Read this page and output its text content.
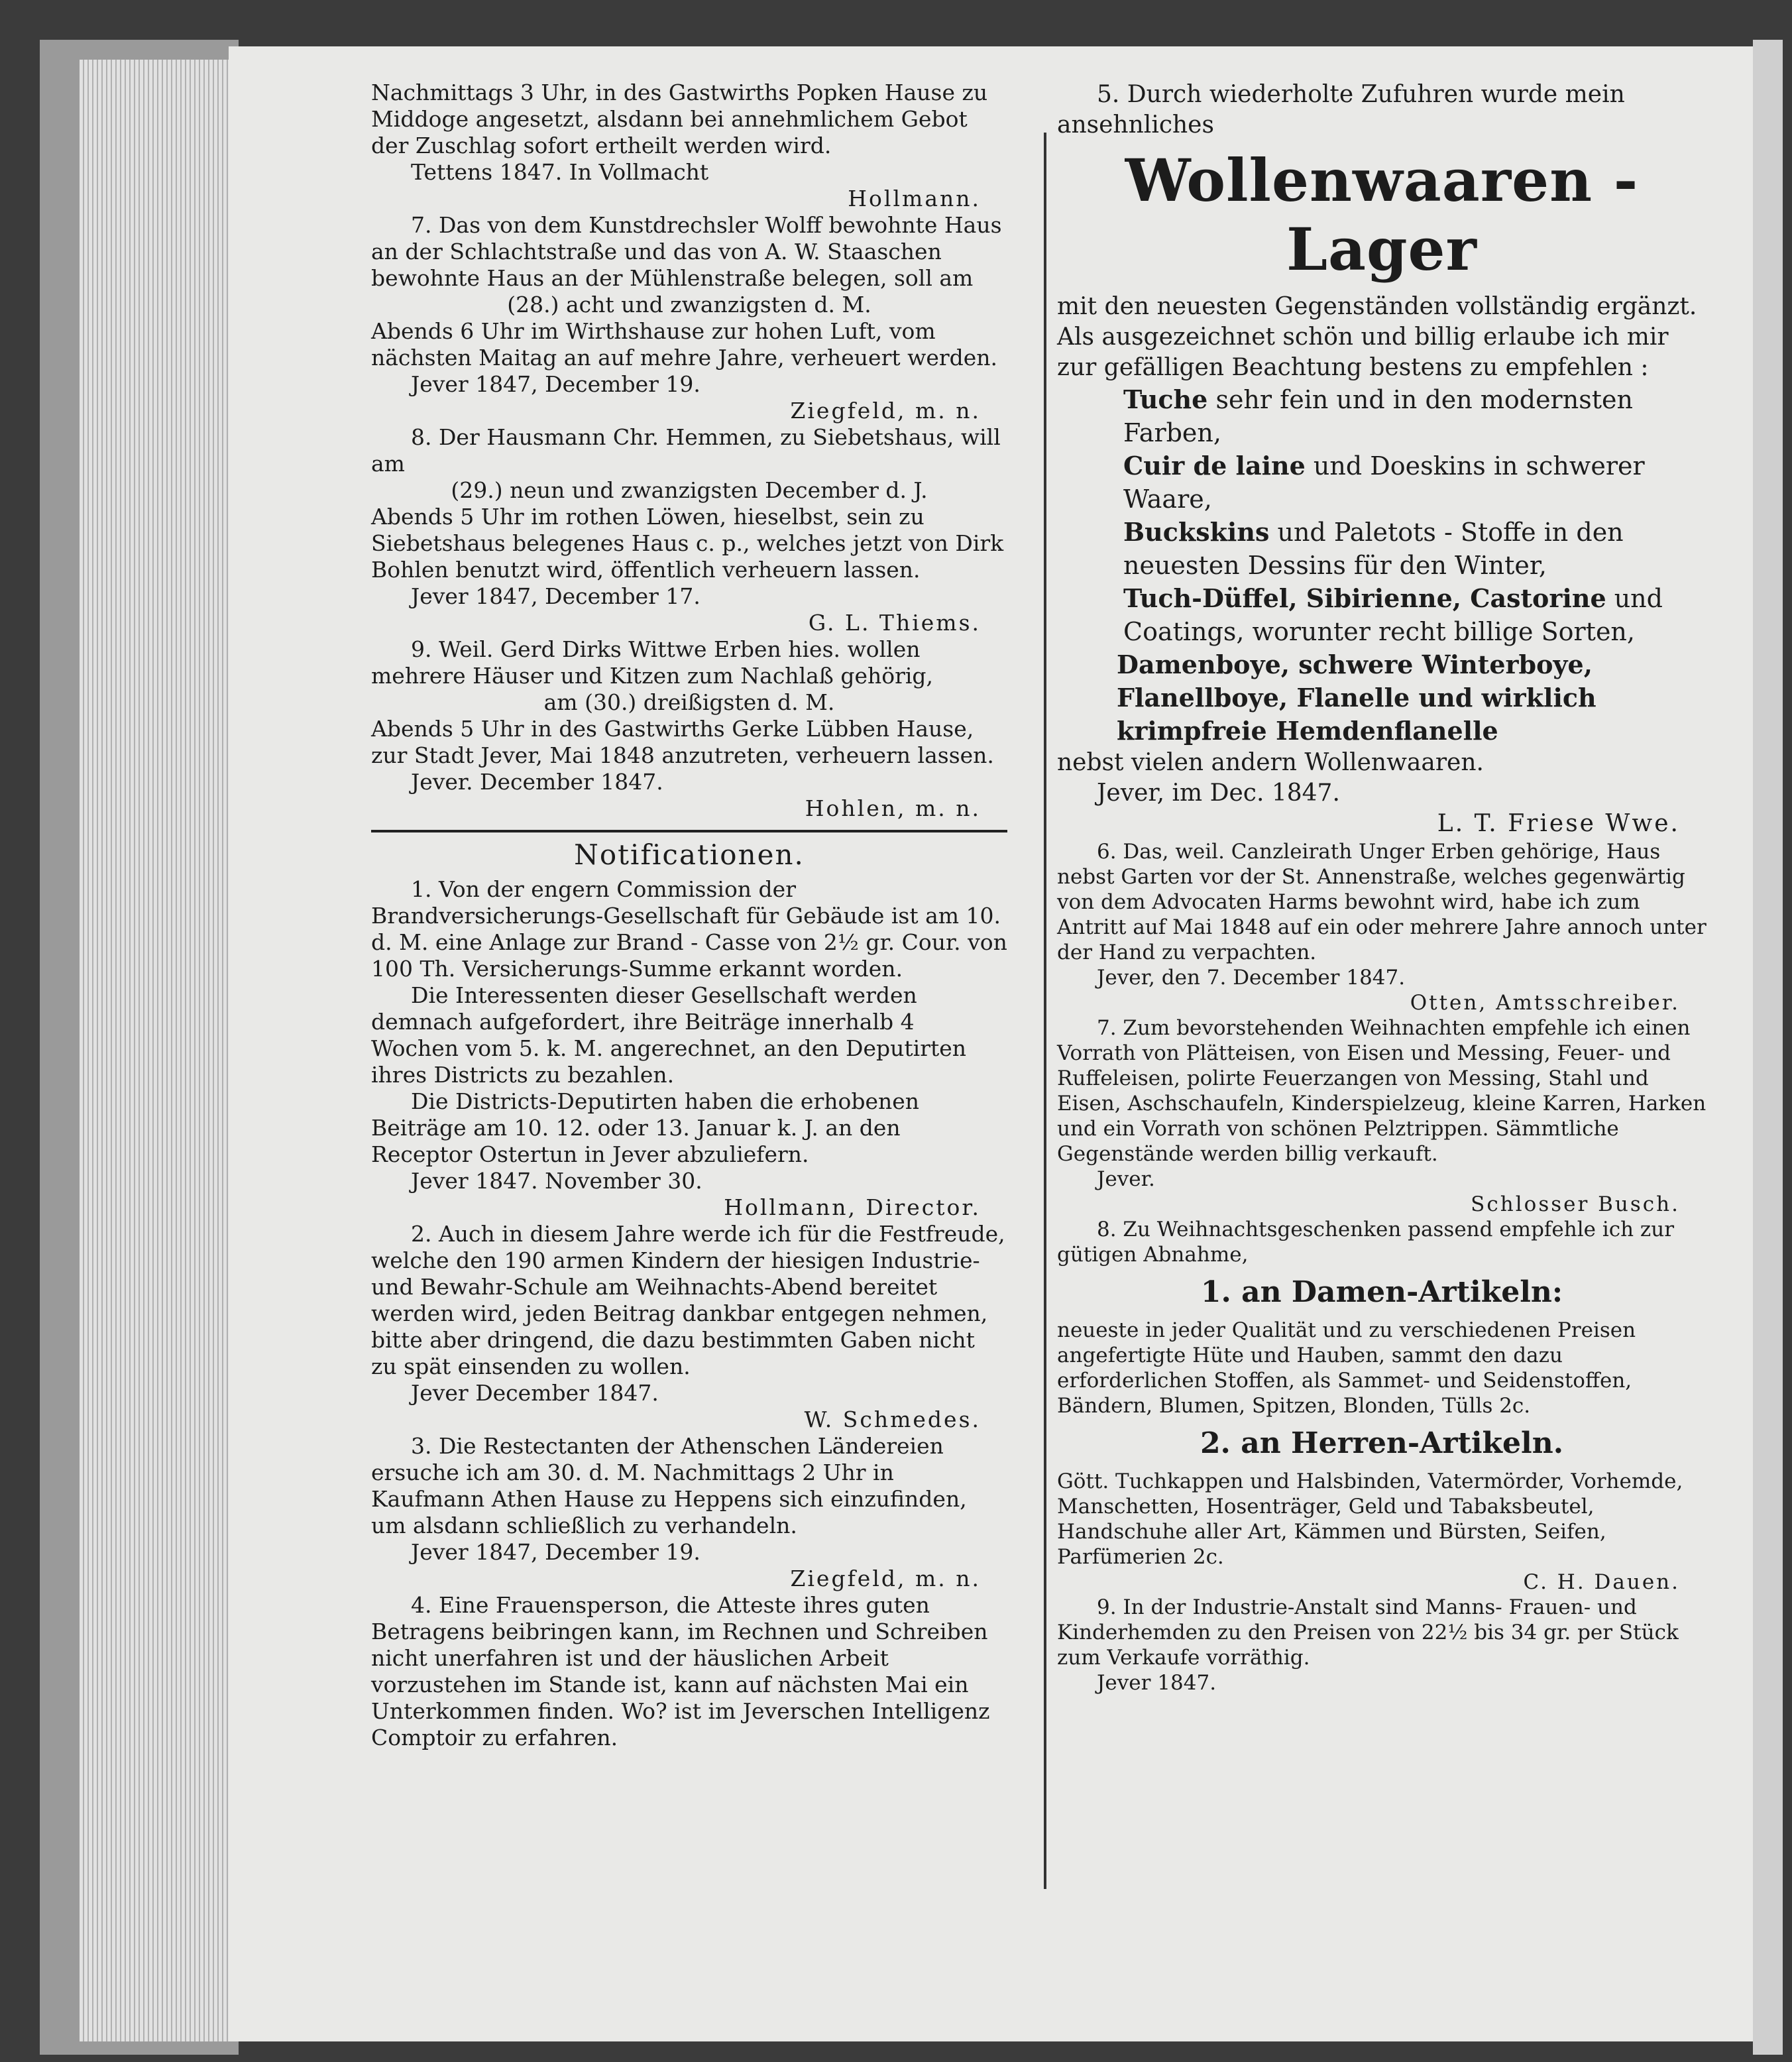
Nachmittags 3 Uhr, in des Gastwirths Popken Hause zu Middoge angesetzt, alsdann bei annehmlichem Gebot der Zuschlag sofort ertheilt werden wird.

Tettens 1847. In Vollmacht

Hollmann.

7. Das von dem Kunstdrechsler Wolff bewohnte Haus an der Schlachtstraße und das von A. W. Staaschen bewohnte Haus an der Mühlenstraße belegen, soll am

(28.) acht und zwanzigsten d. M.

Abends 6 Uhr im Wirthshause zur hohen Luft, vom nächsten Maitag an auf mehre Jahre, verheuert werden.

Jever 1847, December 19.

Ziegfeld, m. n.

8. Der Hausmann Chr. Hemmen, zu Siebetshaus, will am

(29.) neun und zwanzigsten December d. J.

Abends 5 Uhr im rothen Löwen, hieselbst, sein zu Siebetshaus belegenes Haus c. p., welches jetzt von Dirk Bohlen benutzt wird, öffentlich verheuern lassen.

Jever 1847, December 17.

G. L. Thiems.

9. Weil. Gerd Dirks Wittwe Erben hies. wollen mehrere Häuser und Kitzen zum Nachlaß gehörig,

am (30.) dreißigsten d. M.

Abends 5 Uhr in des Gastwirths Gerke Lübben Hause, zur Stadt Jever, Mai 1848 anzutreten, verheuern lassen.

Jever. December 1847.

Hohlen, m. n.

Notificationen.

1. Von der engern Commission der Brandversicherungs-Gesellschaft für Gebäude ist am 10. d. M. eine Anlage zur Brand - Casse von 2½ gr. Cour. von 100 Th. Versicherungs-Summe erkannt worden.

Die Interessenten dieser Gesellschaft werden demnach aufgefordert, ihre Beiträge innerhalb 4 Wochen vom 5. k. M. angerechnet, an den Deputirten ihres Districts zu bezahlen.

Die Districts-Deputirten haben die erhobenen Beiträge am 10. 12. oder 13. Januar k. J. an den Receptor Ostertun in Jever abzuliefern.

Jever 1847. November 30.

Hollmann, Director.

2. Auch in diesem Jahre werde ich für die Festfreude, welche den 190 armen Kindern der hiesigen Industrie- und Bewahr-Schule am Weihnachts-Abend bereitet werden wird, jeden Beitrag dankbar entgegen nehmen, bitte aber dringend, die dazu bestimmten Gaben nicht zu spät einsenden zu wollen.

Jever December 1847.

W. Schmedes.

3. Die Restectanten der Athenschen Ländereien ersuche ich am 30. d. M. Nachmittags 2 Uhr in Kaufmann Athen Hause zu Heppens sich einzufinden, um alsdann schließlich zu verhandeln.

Jever 1847, December 19.

Ziegfeld, m. n.

4. Eine Frauensperson, die Atteste ihres guten Betragens beibringen kann, im Rechnen und Schreiben nicht unerfahren ist und der häuslichen Arbeit vorzustehen im Stande ist, kann auf nächsten Mai ein Unterkommen finden. Wo? ist im Jeverschen Intelligenz Comptoir zu erfahren.

5. Durch wiederholte Zufuhren wurde mein ansehnliches

Wollenwaaren - Lager

mit den neuesten Gegenständen vollständig ergänzt. Als ausgezeichnet schön und billig erlaube ich mir zur gefälligen Beachtung bestens zu empfehlen :

Tuche sehr fein und in den modernsten Farben,
Cuir de laine und Doeskins in schwerer Waare,
Buckskins und Paletots - Stoffe in den neuesten Dessins für den Winter,
Tuch-Düffel, Sibirienne, Castorine und Coatings, worunter recht billige Sorten,
Damenboye, schwere Winterboye, Flanellboye, Flanelle und wirklich krimpfreie Hemdenflanelle

nebst vielen andern Wollenwaaren.

Jever, im Dec. 1847.

L. T. Friese Wwe.

6. Das, weil. Canzleirath Unger Erben gehörige, Haus nebst Garten vor der St. Annenstraße, welches gegenwärtig von dem Advocaten Harms bewohnt wird, habe ich zum Antritt auf Mai 1848 auf ein oder mehrere Jahre annoch unter der Hand zu verpachten.

Jever, den 7. December 1847.

Otten, Amtsschreiber.

7. Zum bevorstehenden Weihnachten empfehle ich einen Vorrath von Plätteisen, von Eisen und Messing, Feuer- und Ruffeleisen, polirte Feuerzangen von Messing, Stahl und Eisen, Aschschaufeln, Kinderspielzeug, kleine Karren, Harken und ein Vorrath von schönen Pelztrippen. Sämmtliche Gegenstände werden billig verkauft.

Jever.

Schlosser Busch.

8. Zu Weihnachtsgeschenken passend empfehle ich zur gütigen Abnahme,

1. an Damen-Artikeln:

neueste in jeder Qualität und zu verschiedenen Preisen angefertigte Hüte und Hauben, sammt den dazu erforderlichen Stoffen, als Sammet- und Seidenstoffen, Bändern, Blumen, Spitzen, Blonden, Tülls 2c.

2. an Herren-Artikeln.

Gött. Tuchkappen und Halsbinden, Vatermörder, Vorhemde, Manschetten, Hosenträger, Geld und Tabaksbeutel, Handschuhe aller Art, Kämmen und Bürsten, Seifen, Parfümerien 2c.

C. H. Dauen.

9. In der Industrie-Anstalt sind Manns- Frauen- und Kinderhemden zu den Preisen von 22½ bis 34 gr. per Stück zum Verkaufe vorräthig.

Jever 1847.
